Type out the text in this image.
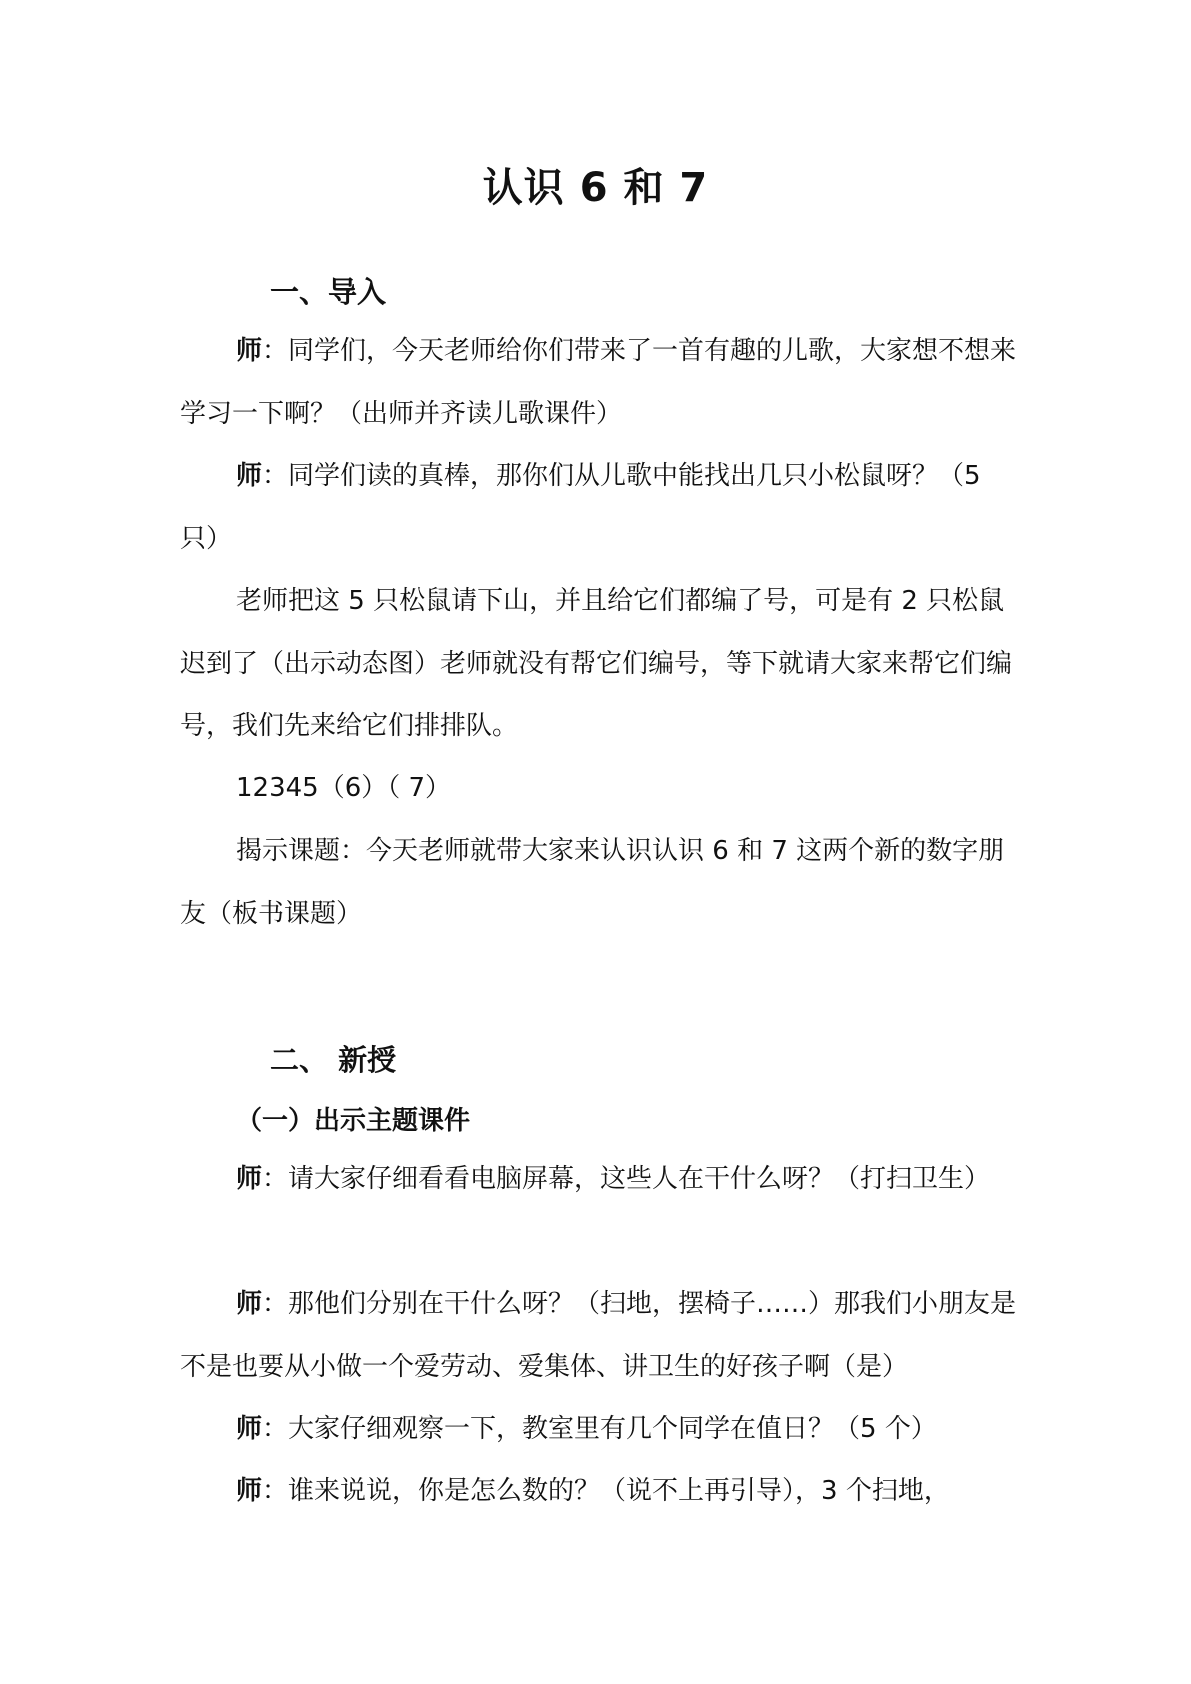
认识 6 和 7
一、导入

师：同学们，今天老师给你们带来了一首有趣的儿歌，大家想不想来学习一下啊？（出师并齐读儿歌课件）

师：同学们读的真棒，那你们从儿歌中能找出几只小松鼠呀？（5 只）

老师把这 5 只松鼠请下山，并且给它们都编了号，可是有 2 只松鼠迟到了（出示动态图）老师就没有帮它们编号，等下就请大家来帮它们编号，我们先来给它们排排队。

12345（6）（ 7）

揭示课题：今天老师就带大家来认识认识 6 和 7 这两个新的数字朋友（板书课题）

二、 新授
（一）出示主题课件

师：请大家仔细看看电脑屏幕，这些人在干什么呀？（打扫卫生）

师：那他们分别在干什么呀？（扫地，摆椅子……）那我们小朋友是不是也要从小做一个爱劳动、爱集体、讲卫生的好孩子啊（是）

师：大家仔细观察一下，教室里有几个同学在值日？（5 个）

师：谁来说说，你是怎么数的？（说不上再引导），3 个扫地，
